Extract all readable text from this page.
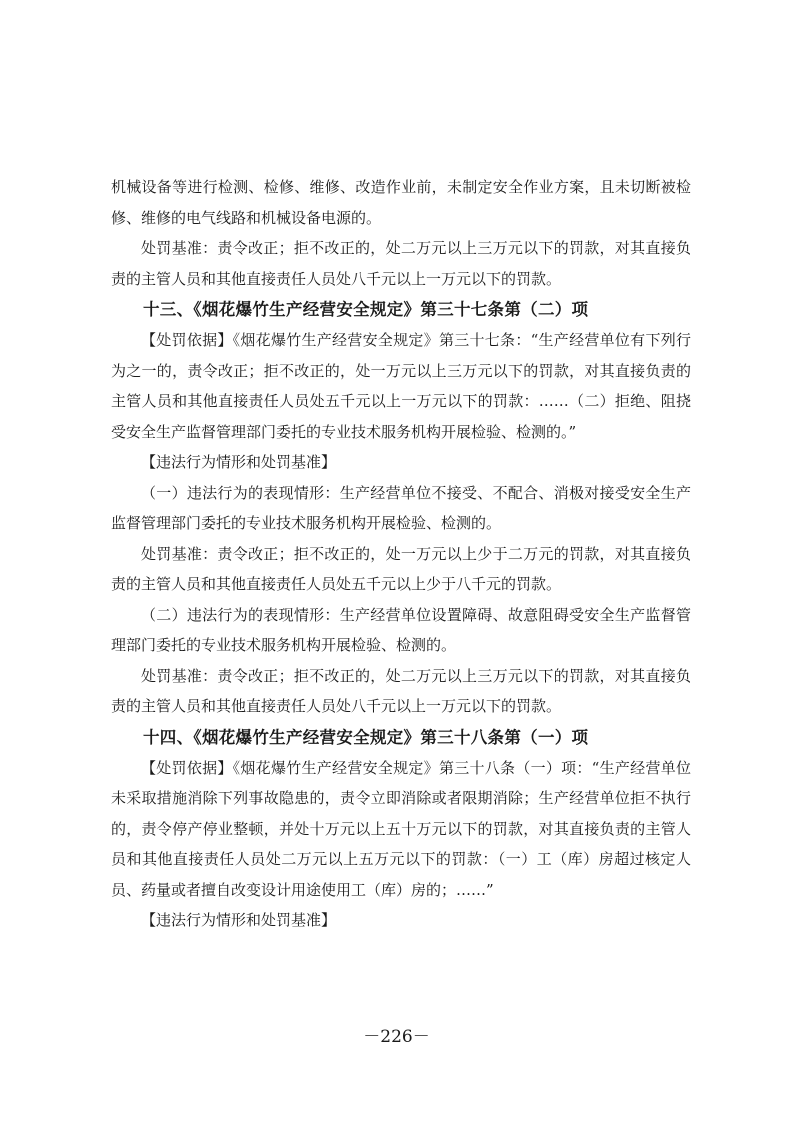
机械设备等进行检测、检修、维修、改造作业前，未制定安全作业方案，且未切断被检修、维修的电气线路和机械设备电源的。

处罚基准：责令改正；拒不改正的，处二万元以上三万元以下的罚款，对其直接负责的主管人员和其他直接责任人员处八千元以上一万元以下的罚款。

十三、《烟花爆竹生产经营安全规定》第三十七条第（二）项

【处罚依据】《烟花爆竹生产经营安全规定》第三十七条：“生产经营单位有下列行为之一的，责令改正；拒不改正的，处一万元以上三万元以下的罚款，对其直接负责的主管人员和其他直接责任人员处五千元以上一万元以下的罚款：……（二）拒绝、阻挠受安全生产监督管理部门委托的专业技术服务机构开展检验、检测的。”

【违法行为情形和处罚基准】

（一）违法行为的表现情形：生产经营单位不接受、不配合、消极对接受安全生产监督管理部门委托的专业技术服务机构开展检验、检测的。

处罚基准：责令改正；拒不改正的，处一万元以上少于二万元的罚款，对其直接负责的主管人员和其他直接责任人员处五千元以上少于八千元的罚款。

（二）违法行为的表现情形：生产经营单位设置障碍、故意阻碍受安全生产监督管理部门委托的专业技术服务机构开展检验、检测的。

处罚基准：责令改正；拒不改正的，处二万元以上三万元以下的罚款，对其直接负责的主管人员和其他直接责任人员处八千元以上一万元以下的罚款。

十四、《烟花爆竹生产经营安全规定》第三十八条第（一）项

【处罚依据】《烟花爆竹生产经营安全规定》第三十八条（一）项：“生产经营单位未采取措施消除下列事故隐患的，责令立即消除或者限期消除；生产经营单位拒不执行的，责令停产停业整顿，并处十万元以上五十万元以下的罚款，对其直接负责的主管人员和其他直接责任人员处二万元以上五万元以下的罚款：（一）工（库）房超过核定人员、药量或者擅自改变设计用途使用工（库）房的；……”

【违法行为情形和处罚基准】

－226－
